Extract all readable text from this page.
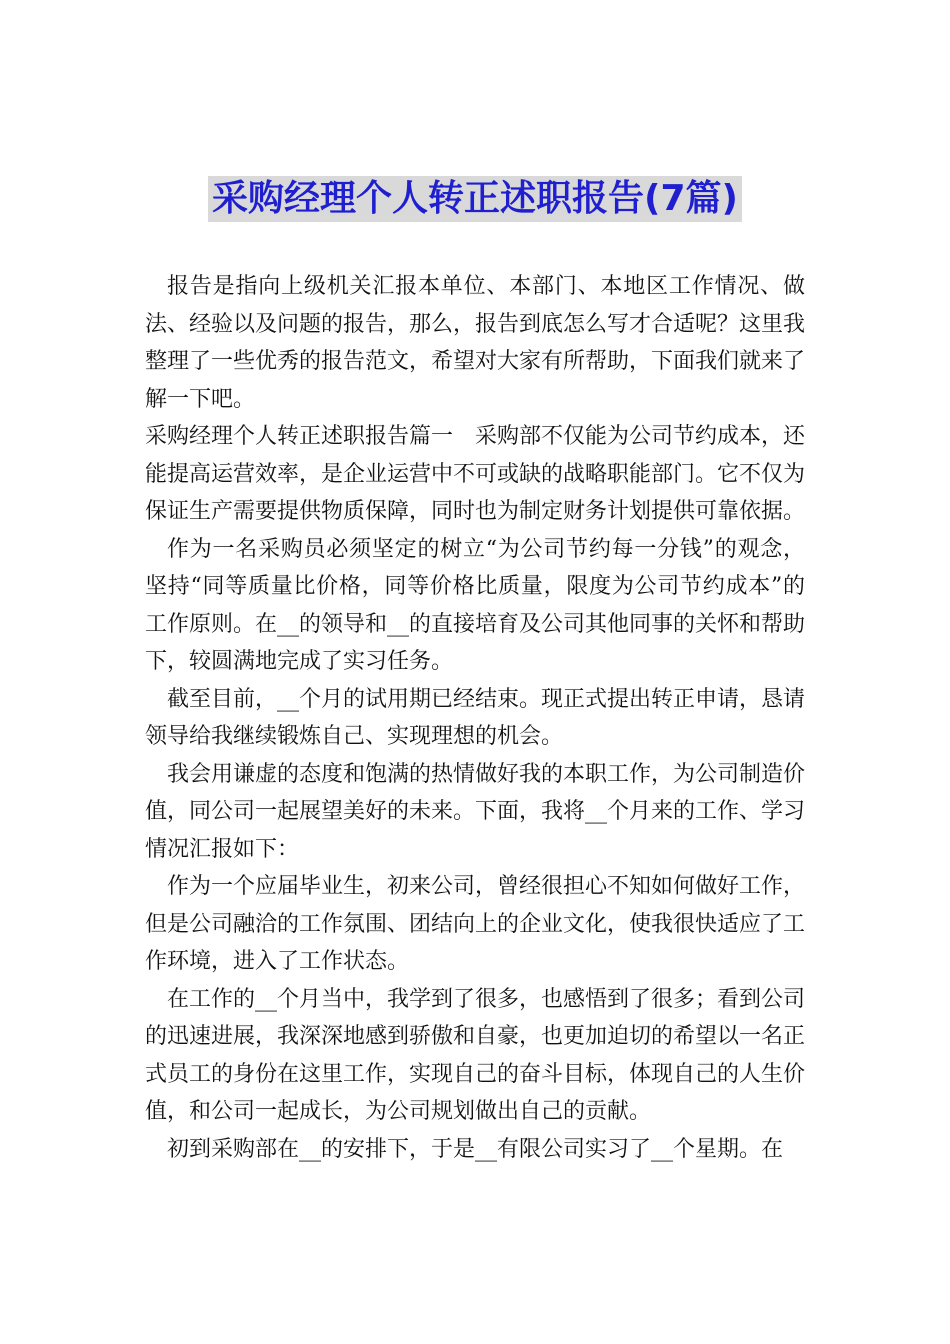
采购经理个人转正述职报告(7篇)

报告是指向上级机关汇报本单位、本部门、本地区工作情况、做法、经验以及问题的报告，那么，报告到底怎么写才合适呢？这里我整理了一些优秀的报告范文，希望对大家有所帮助，下面我们就来了解一下吧。

采购经理个人转正述职报告篇一　采购部不仅能为公司节约成本，还能提高运营效率，是企业运营中不可或缺的战略职能部门。它不仅为保证生产需要提供物质保障，同时也为制定财务计划提供可靠依据。

作为一名采购员必须坚定的树立“为公司节约每一分钱”的观念，坚持“同等质量比价格，同等价格比质量，限度为公司节约成本”的工作原则。在__的领导和__的直接培育及公司其他同事的关怀和帮助下，较圆满地完成了实习任务。

截至目前，__个月的试用期已经结束。现正式提出转正申请，恳请领导给我继续锻炼自己、实现理想的机会。

我会用谦虚的态度和饱满的热情做好我的本职工作，为公司制造价值，同公司一起展望美好的未来。下面，我将__个月来的工作、学习情况汇报如下：

作为一个应届毕业生，初来公司，曾经很担心不知如何做好工作，但是公司融洽的工作氛围、团结向上的企业文化，使我很快适应了工作环境，进入了工作状态。

在工作的__个月当中，我学到了很多，也感悟到了很多；看到公司的迅速进展，我深深地感到骄傲和自豪，也更加迫切的希望以一名正式员工的身份在这里工作，实现自己的奋斗目标，体现自己的人生价值，和公司一起成长，为公司规划做出自己的贡献。

初到采购部在__的安排下，于是__有限公司实习了__个星期。在
